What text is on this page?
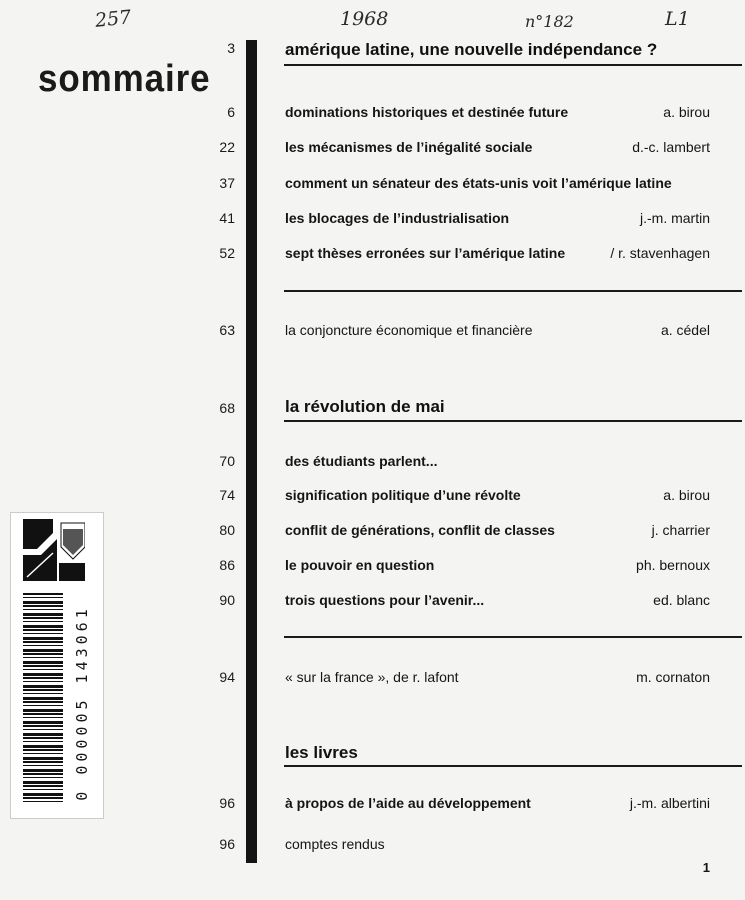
257	1968	n°182	L1
sommaire
3	amérique latine, une nouvelle indépendance ?
6	dominations historiques et destinée future	a. birou
22	les mécanismes de l’inégalité sociale	d.-c. lambert
37	comment un sénateur des états-unis voit l’amérique latine
41	les blocages de l’industrialisation	j.-m. martin
52	sept thèses erronées sur l’amérique latine	/ r. stavenhagen
63	la conjoncture économique et financière	a. cédel
68	la révolution de mai
70	des étudiants parlent...
74	signification politique d’une révolte	a. birou
80	conflit de générations, conflit de classes	j. charrier
86	le pouvoir en question	ph. bernoux
90	trois questions pour l’avenir...	ed. blanc
94	« sur la france », de r. lafont	m. cornaton
les livres
96	à propos de l’aide au développement	j.-m. albertini
96	comptes rendus
1
0 000005 143061
